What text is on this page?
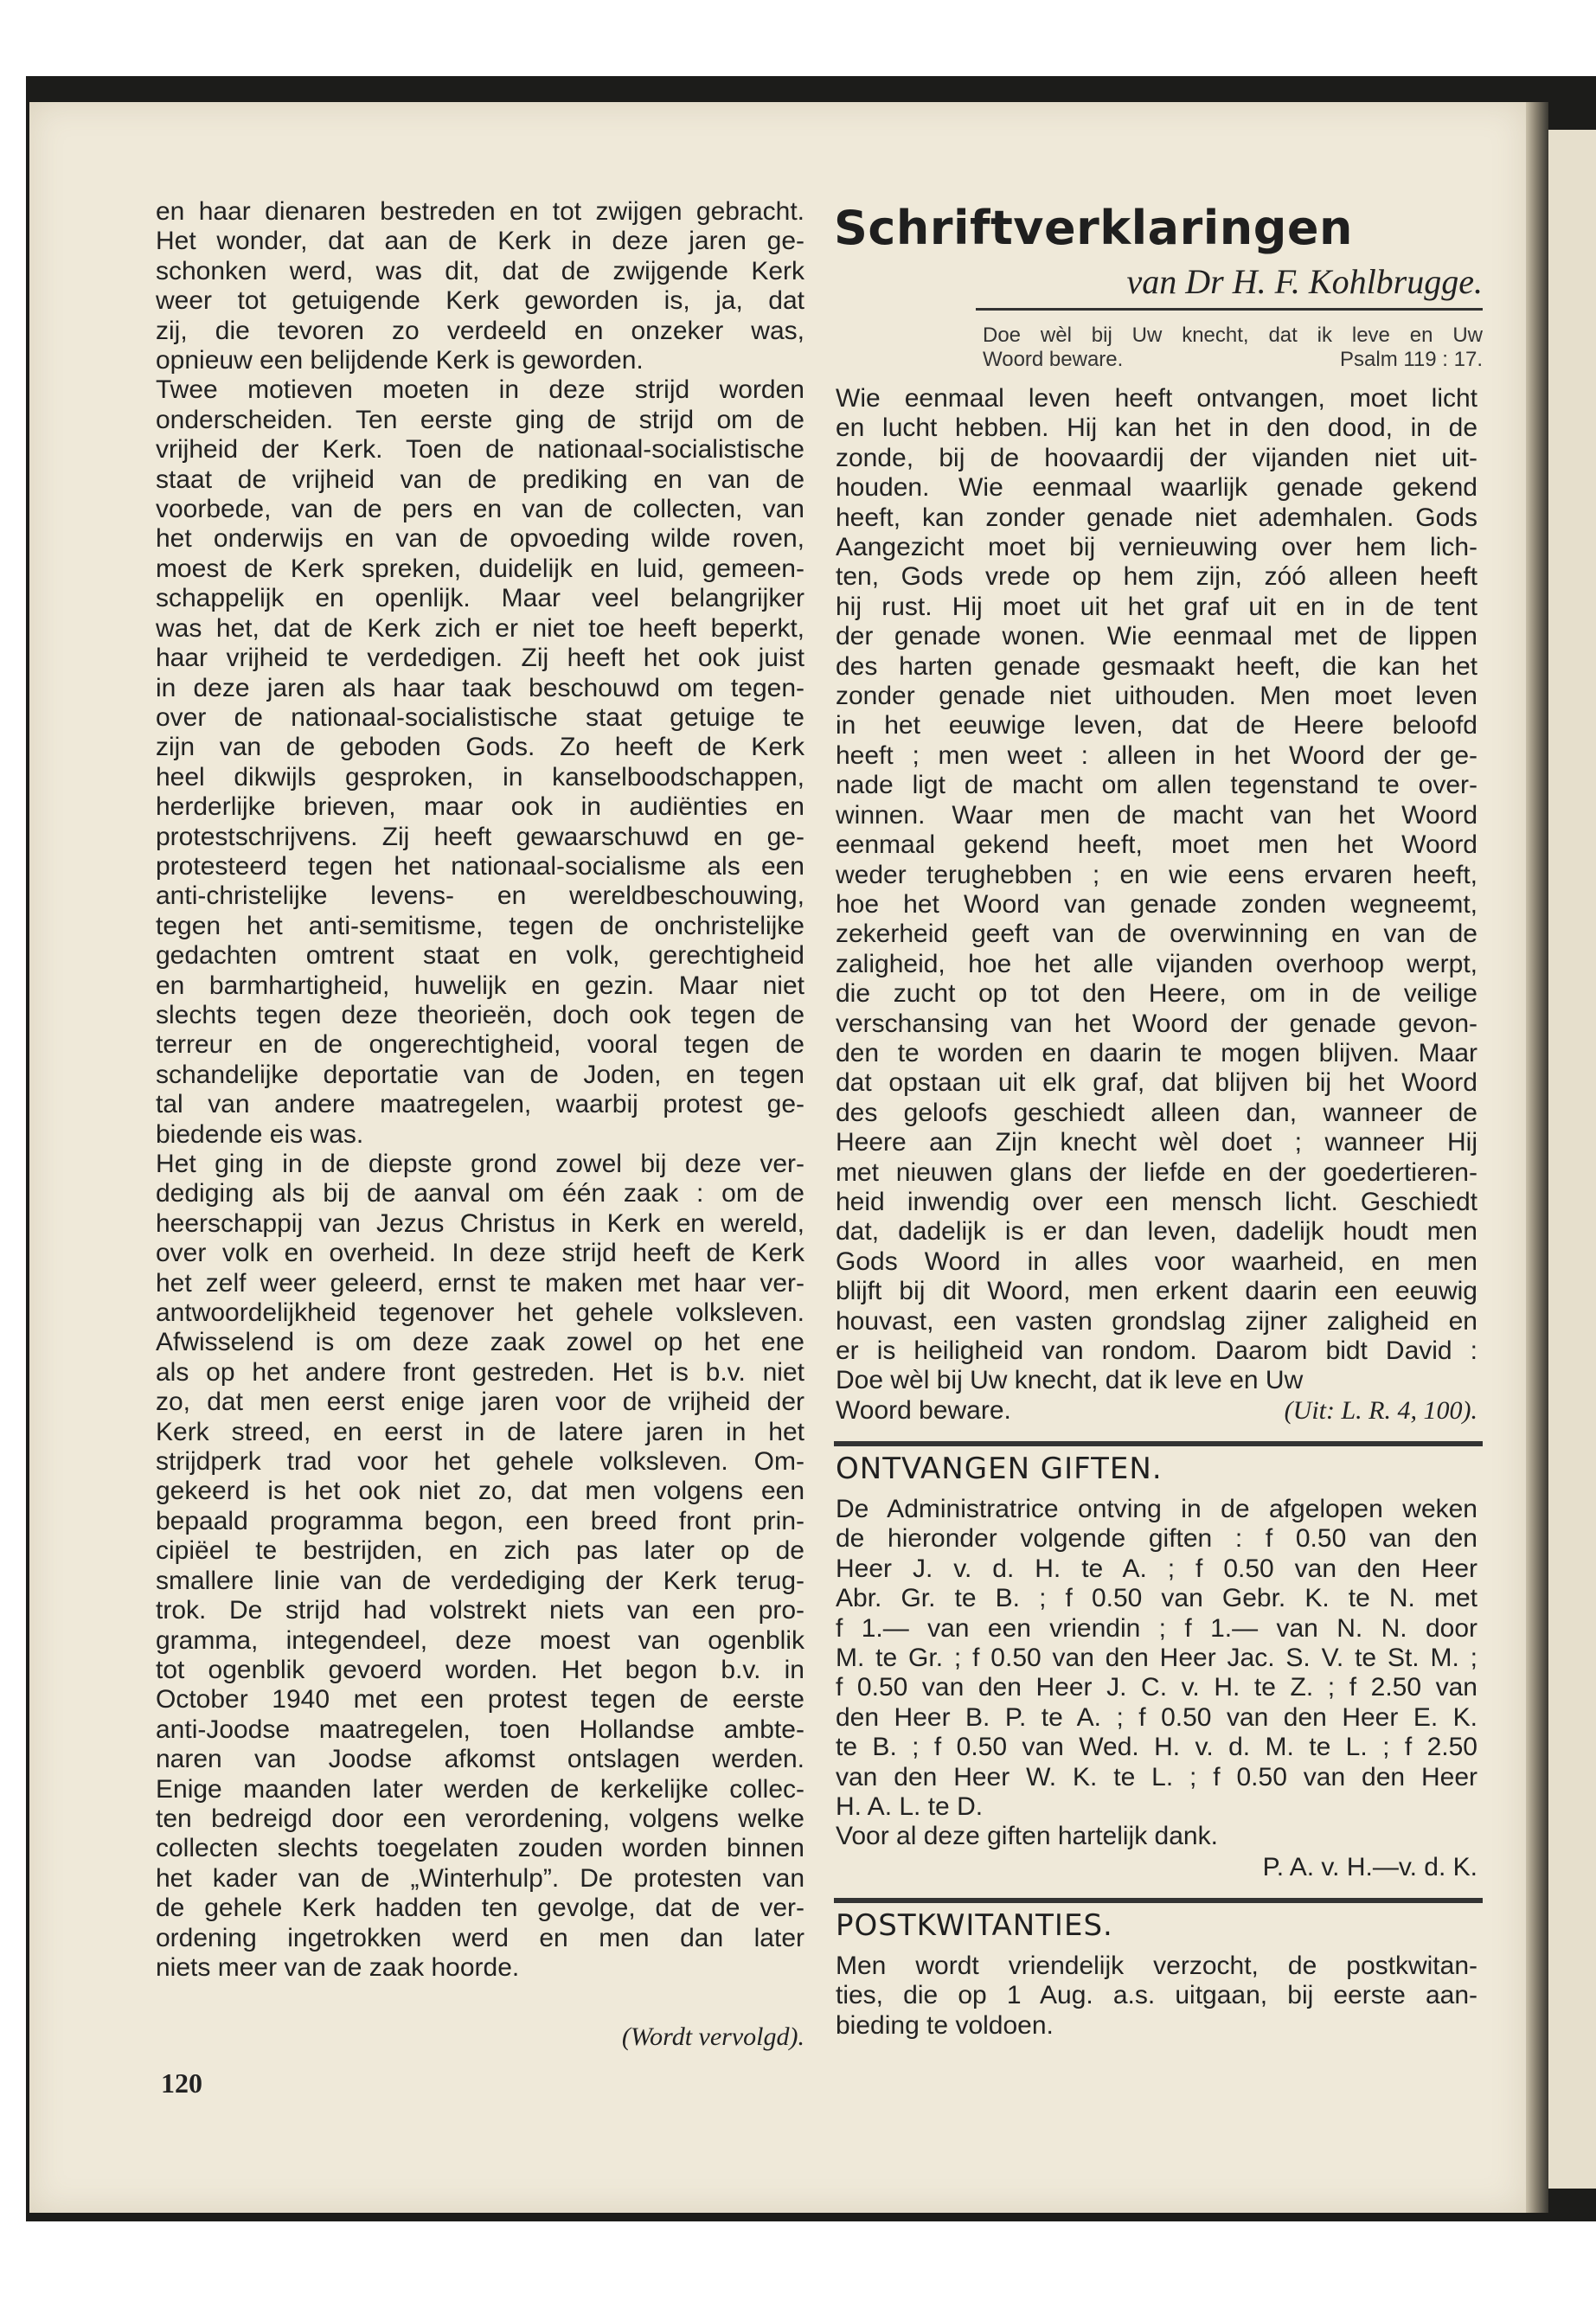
en haar dienaren bestreden en tot zwijgen gebracht.
Het wonder, dat aan de Kerk in deze jaren ge-
schonken werd, was dit, dat de zwijgende Kerk
weer tot getuigende Kerk geworden is, ja, dat
zij, die tevoren zo verdeeld en onzeker was,
opnieuw een belijdende Kerk is geworden.
Twee motieven moeten in deze strijd worden
onderscheiden. Ten eerste ging de strijd om de
vrijheid der Kerk. Toen de nationaal-socialistische
staat de vrijheid van de prediking en van de
voorbede, van de pers en van de collecten, van
het onderwijs en van de opvoeding wilde roven,
moest de Kerk spreken, duidelijk en luid, gemeen-
schappelijk en openlijk. Maar veel belangrijker
was het, dat de Kerk zich er niet toe heeft beperkt,
haar vrijheid te verdedigen. Zij heeft het ook juist
in deze jaren als haar taak beschouwd om tegen-
over de nationaal-socialistische staat getuige te
zijn van de geboden Gods. Zo heeft de Kerk
heel dikwijls gesproken, in kanselboodschappen,
herderlijke brieven, maar ook in audiënties en
protestschrijvens. Zij heeft gewaarschuwd en ge-
protesteerd tegen het nationaal-socialisme als een
anti-christelijke levens- en wereldbeschouwing,
tegen het anti-semitisme, tegen de onchristelijke
gedachten omtrent staat en volk, gerechtigheid
en barmhartigheid, huwelijk en gezin. Maar niet
slechts tegen deze theorieën, doch ook tegen de
terreur en de ongerechtigheid, vooral tegen de
schandelijke deportatie van de Joden, en tegen
tal van andere maatregelen, waarbij protest ge-
biedende eis was.
Het ging in de diepste grond zowel bij deze ver-
dediging als bij de aanval om één zaak : om de
heerschappij van Jezus Christus in Kerk en wereld,
over volk en overheid. In deze strijd heeft de Kerk
het zelf weer geleerd, ernst te maken met haar ver-
antwoordelijkheid tegenover het gehele volksleven.
Afwisselend is om deze zaak zowel op het ene
als op het andere front gestreden. Het is b.v. niet
zo, dat men eerst enige jaren voor de vrijheid der
Kerk streed, en eerst in de latere jaren in het
strijdperk trad voor het gehele volksleven. Om-
gekeerd is het ook niet zo, dat men volgens een
bepaald programma begon, een breed front prin-
cipiëel te bestrijden, en zich pas later op de
smallere linie van de verdediging der Kerk terug-
trok. De strijd had volstrekt niets van een pro-
gramma, integendeel, deze moest van ogenblik
tot ogenblik gevoerd worden. Het begon b.v. in
October 1940 met een protest tegen de eerste
anti-Joodse maatregelen, toen Hollandse ambte-
naren van Joodse afkomst ontslagen werden.
Enige maanden later werden de kerkelijke collec-
ten bedreigd door een verordening, volgens welke
collecten slechts toegelaten zouden worden binnen
het kader van de „Winterhulp”. De protesten van
de gehele Kerk hadden ten gevolge, dat de ver-
ordening ingetrokken werd en men dan later
niets meer van de zaak hoorde.
(Wordt vervolgd).
120
Schriftverklaringen
van Dr H. F. Kohlbrugge.
Doe wèl bij Uw knecht, dat ik leve en Uw
Woord beware.	Psalm 119 : 17.
Wie eenmaal leven heeft ontvangen, moet licht
en lucht hebben. Hij kan het in den dood, in de
zonde, bij de hoovaardij der vijanden niet uit-
houden. Wie eenmaal waarlijk genade gekend
heeft, kan zonder genade niet ademhalen. Gods
Aangezicht moet bij vernieuwing over hem lich-
ten, Gods vrede op hem zijn, zóó alleen heeft
hij rust. Hij moet uit het graf uit en in de tent
der genade wonen. Wie eenmaal met de lippen
des harten genade gesmaakt heeft, die kan het
zonder genade niet uithouden. Men moet leven
in het eeuwige leven, dat de Heere beloofd
heeft ; men weet : alleen in het Woord der ge-
nade ligt de macht om allen tegenstand te over-
winnen. Waar men de macht van het Woord
eenmaal gekend heeft, moet men het Woord
weder terughebben ; en wie eens ervaren heeft,
hoe het Woord van genade zonden wegneemt,
zekerheid geeft van de overwinning en van de
zaligheid, hoe het alle vijanden overhoop werpt,
die zucht op tot den Heere, om in de veilige
verschansing van het Woord der genade gevon-
den te worden en daarin te mogen blijven. Maar
dat opstaan uit elk graf, dat blijven bij het Woord
des geloofs geschiedt alleen dan, wanneer de
Heere aan Zijn knecht wèl doet ; wanneer Hij
met nieuwen glans der liefde en der goedertieren-
heid inwendig over een mensch licht. Geschiedt
dat, dadelijk is er dan leven, dadelijk houdt men
Gods Woord in alles voor waarheid, en men
blijft bij dit Woord, men erkent daarin een eeuwig
houvast, een vasten grondslag zijner zaligheid en
er is heiligheid van rondom. Daarom bidt David :
Doe wèl bij Uw knecht, dat ik leve en Uw
Woord beware.	(Uit: L. R. 4, 100).
ONTVANGEN GIFTEN.
De Administratrice ontving in de afgelopen weken
de hieronder volgende giften : f 0.50 van den
Heer J. v. d. H. te A. ; f 0.50 van den Heer
Abr. Gr. te B. ; f 0.50 van Gebr. K. te N. met
f 1.— van een vriendin ; f 1.— van N. N. door
M. te Gr. ; f 0.50 van den Heer Jac. S. V. te St. M. ;
f 0.50 van den Heer J. C. v. H. te Z. ; f 2.50 van
den Heer B. P. te A. ; f 0.50 van den Heer E. K.
te B. ; f 0.50 van Wed. H. v. d. M. te L. ; f 2.50
van den Heer W. K. te L. ; f 0.50 van den Heer
H. A. L. te D.
Voor al deze giften hartelijk dank.
P. A. v. H.—v. d. K.
POSTKWITANTIES.
Men wordt vriendelijk verzocht, de postkwitan-
ties, die op 1 Aug. a.s. uitgaan, bij eerste aan-
bieding te voldoen.
